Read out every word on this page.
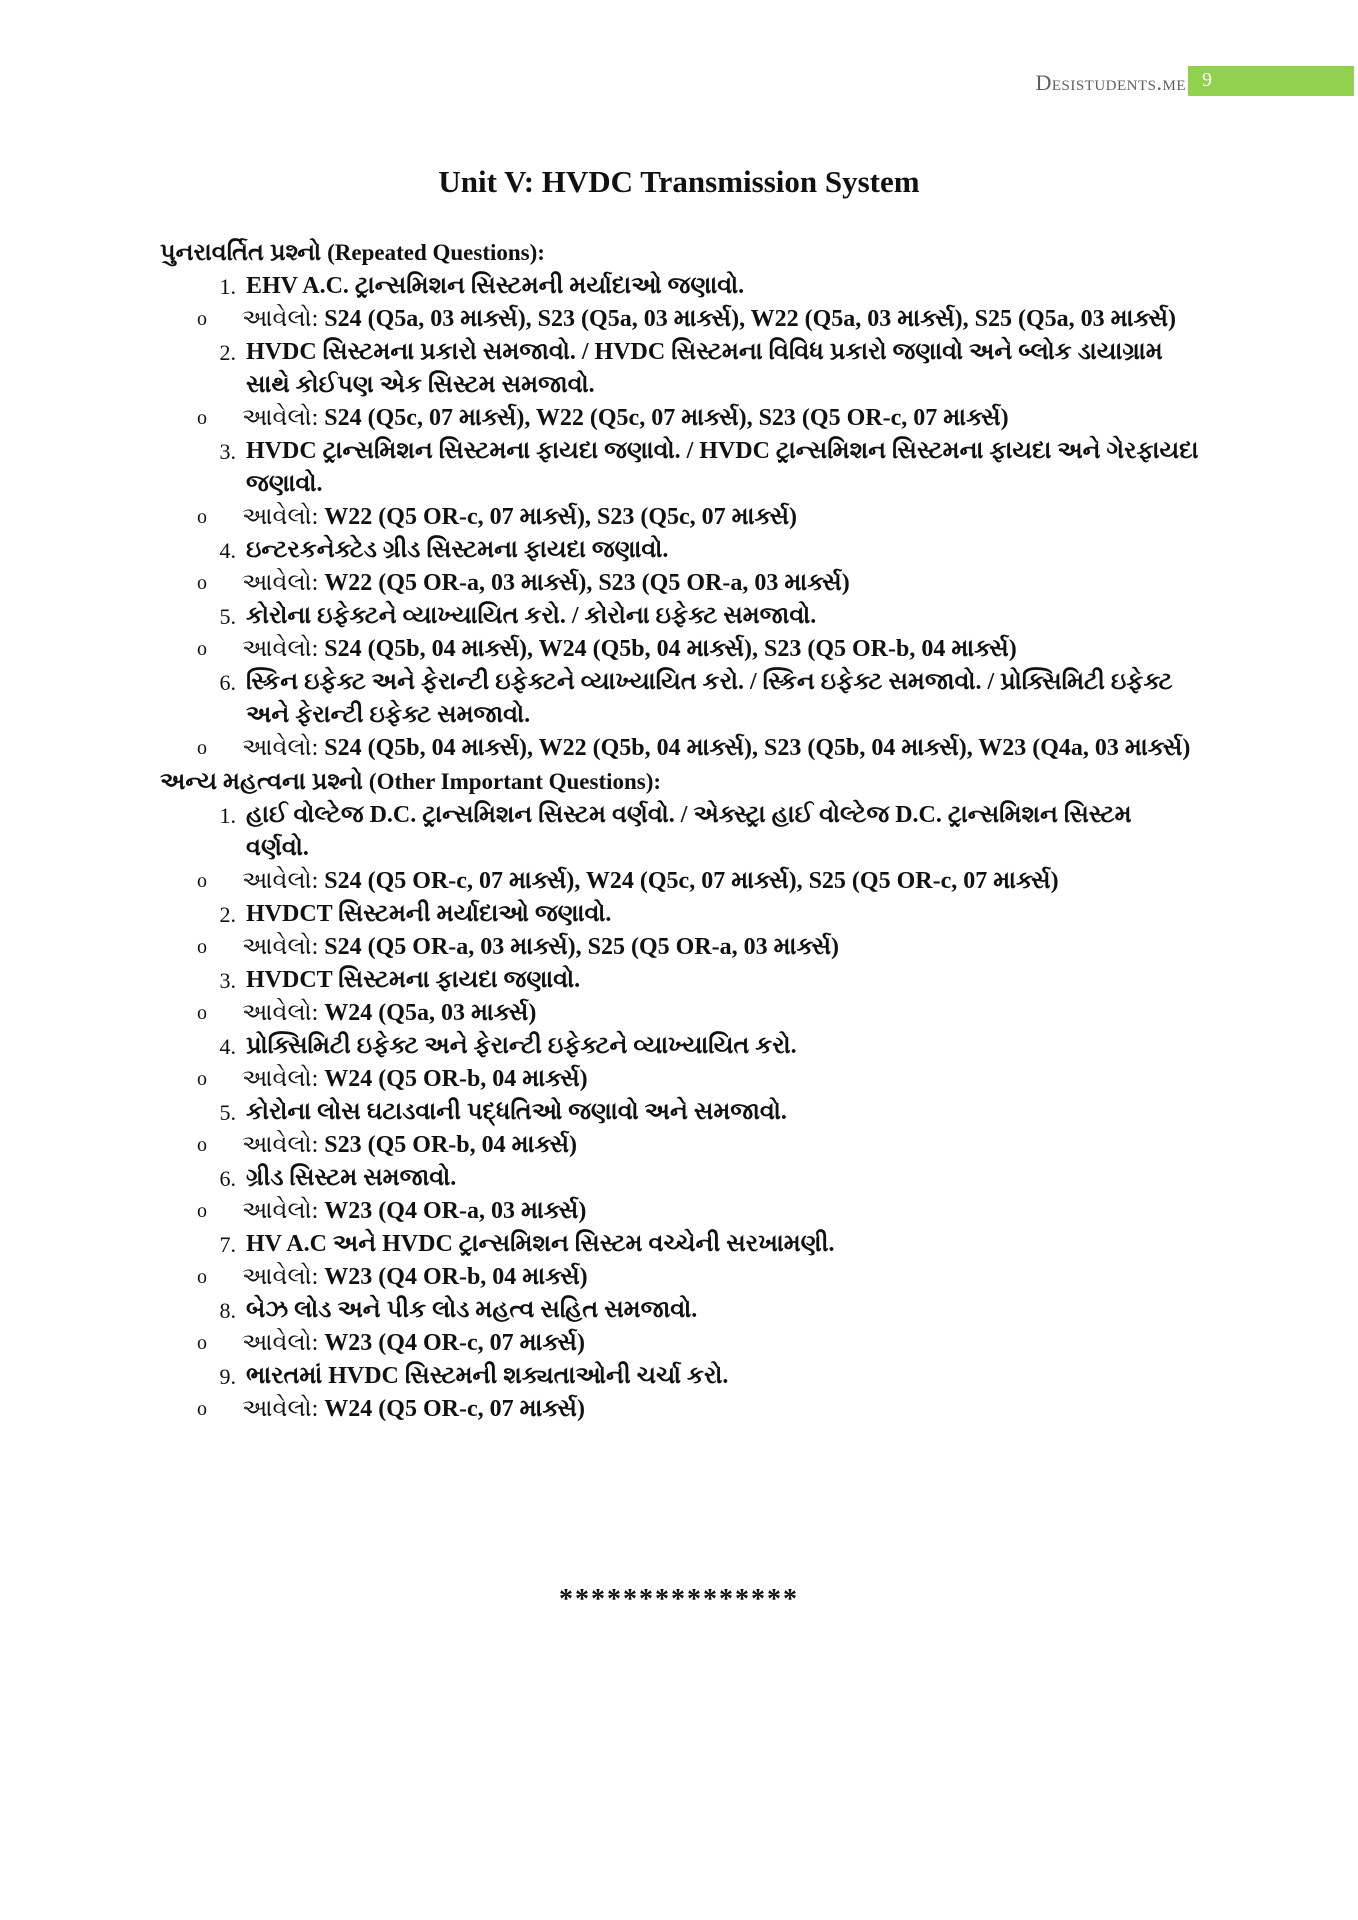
Desistudents.me 9
Unit V: HVDC Transmission System
પુનરાવર્તિત પ્રશ્નો (Repeated Questions):
1. EHV A.C. ટ્રાન્સમિશન સિસ્ટમની મર્યાદાઓ જણાવો.
o આવેલો: S24 (Q5a, 03 માર્ક્સ), S23 (Q5a, 03 માર્ક્સ), W22 (Q5a, 03 માર્ક્સ), S25 (Q5a, 03 માર્ક્સ)
2. HVDC સિસ્ટમના પ્રકારો સમજાવો. / HVDC સિસ્ટમના વિવિધ પ્રકારો જણાવો અને બ્લોક ડાયાગ્રામ સાથે કોઈપણ એક સિસ્ટમ સમજાવો.
o આવેલો: S24 (Q5c, 07 માર્ક્સ), W22 (Q5c, 07 માર્ક્સ), S23 (Q5 OR-c, 07 માર્ક્સ)
3. HVDC ટ્રાન્સમિશન સિસ્ટમના ફાયદા જણાવો. / HVDC ટ્રાન્સમિશન સિસ્ટમના ફાયદા અને ગેરફાયદા જણાવો.
o આવેલો: W22 (Q5 OR-c, 07 માર્ક્સ), S23 (Q5c, 07 માર્ક્સ)
4. ઇન્ટરકનેક્ટેડ ગ્રીડ સિસ્ટમના ફાયદા જણાવો.
o આવેલો: W22 (Q5 OR-a, 03 માર્ક્સ), S23 (Q5 OR-a, 03 માર્ક્સ)
5. કોરોના ઇફેક્ટને વ્યાખ્યાયિત કરો. / કોરોના ઇફેક્ટ સમજાવો.
o આવેલો: S24 (Q5b, 04 માર્ક્સ), W24 (Q5b, 04 માર્ક્સ), S23 (Q5 OR-b, 04 માર્ક્સ)
6. સ્કિન ઇફેક્ટ અને ફેરાન્ટી ઇફેક્ટને વ્યાખ્યાયિત કરો. / સ્કિન ઇફેક્ટ સમજાવો. / પ્રોક્સિમિટી ઇફેક્ટ અને ફેરાન્ટી ઇફેક્ટ સમજાવો.
o આવેલો: S24 (Q5b, 04 માર્ક્સ), W22 (Q5b, 04 માર્ક્સ), S23 (Q5b, 04 માર્ક્સ), W23 (Q4a, 03 માર્ક્સ)
અન્ય મહત્વના પ્રશ્નો (Other Important Questions):
1. હાઈ વોલ્ટેજ D.C. ટ્રાન્સમિશન સિસ્ટમ વર્ણવો. / એક્સ્ટ્રા હાઈ વોલ્ટેજ D.C. ટ્રાન્સમિશન સિસ્ટમ વર્ણવો.
o આવેલો: S24 (Q5 OR-c, 07 માર્ક્સ), W24 (Q5c, 07 માર્ક્સ), S25 (Q5 OR-c, 07 માર્ક્સ)
2. HVDCT સિસ્ટમની મર્યાદાઓ જણાવો.
o આવેલો: S24 (Q5 OR-a, 03 માર્ક્સ), S25 (Q5 OR-a, 03 માર્ક્સ)
3. HVDCT સિસ્ટમના ફાયદા જણાવો.
o આવેલો: W24 (Q5a, 03 માર્ક્સ)
4. પ્રોક્સિમિટી ઇફેક્ટ અને ફેરાન્ટી ઇફેક્ટને વ્યાખ્યાયિત કરો.
o આવેલો: W24 (Q5 OR-b, 04 માર્ક્સ)
5. કોરોના લોસ ઘટાડવાની પદ્ધતિઓ જણાવો અને સમજાવો.
o આવેલો: S23 (Q5 OR-b, 04 માર્ક્સ)
6. ગ્રીડ સિસ્ટમ સમજાવો.
o આવેલો: W23 (Q4 OR-a, 03 માર્ક્સ)
7. HV A.C અને HVDC ટ્રાન્સમિશન સિસ્ટમ વચ્ચેની સરખામણી.
o આવેલો: W23 (Q4 OR-b, 04 માર્ક્સ)
8. બેઝ લોડ અને પીક લોડ મહત્વ સહિત સમજાવો.
o આવેલો: W23 (Q4 OR-c, 07 માર્ક્સ)
9. ભારતમાં HVDC સિસ્ટમની શક્યતાઓની ચર્ચા કરો.
o આવેલો: W24 (Q5 OR-c, 07 માર્ક્સ)
***************
